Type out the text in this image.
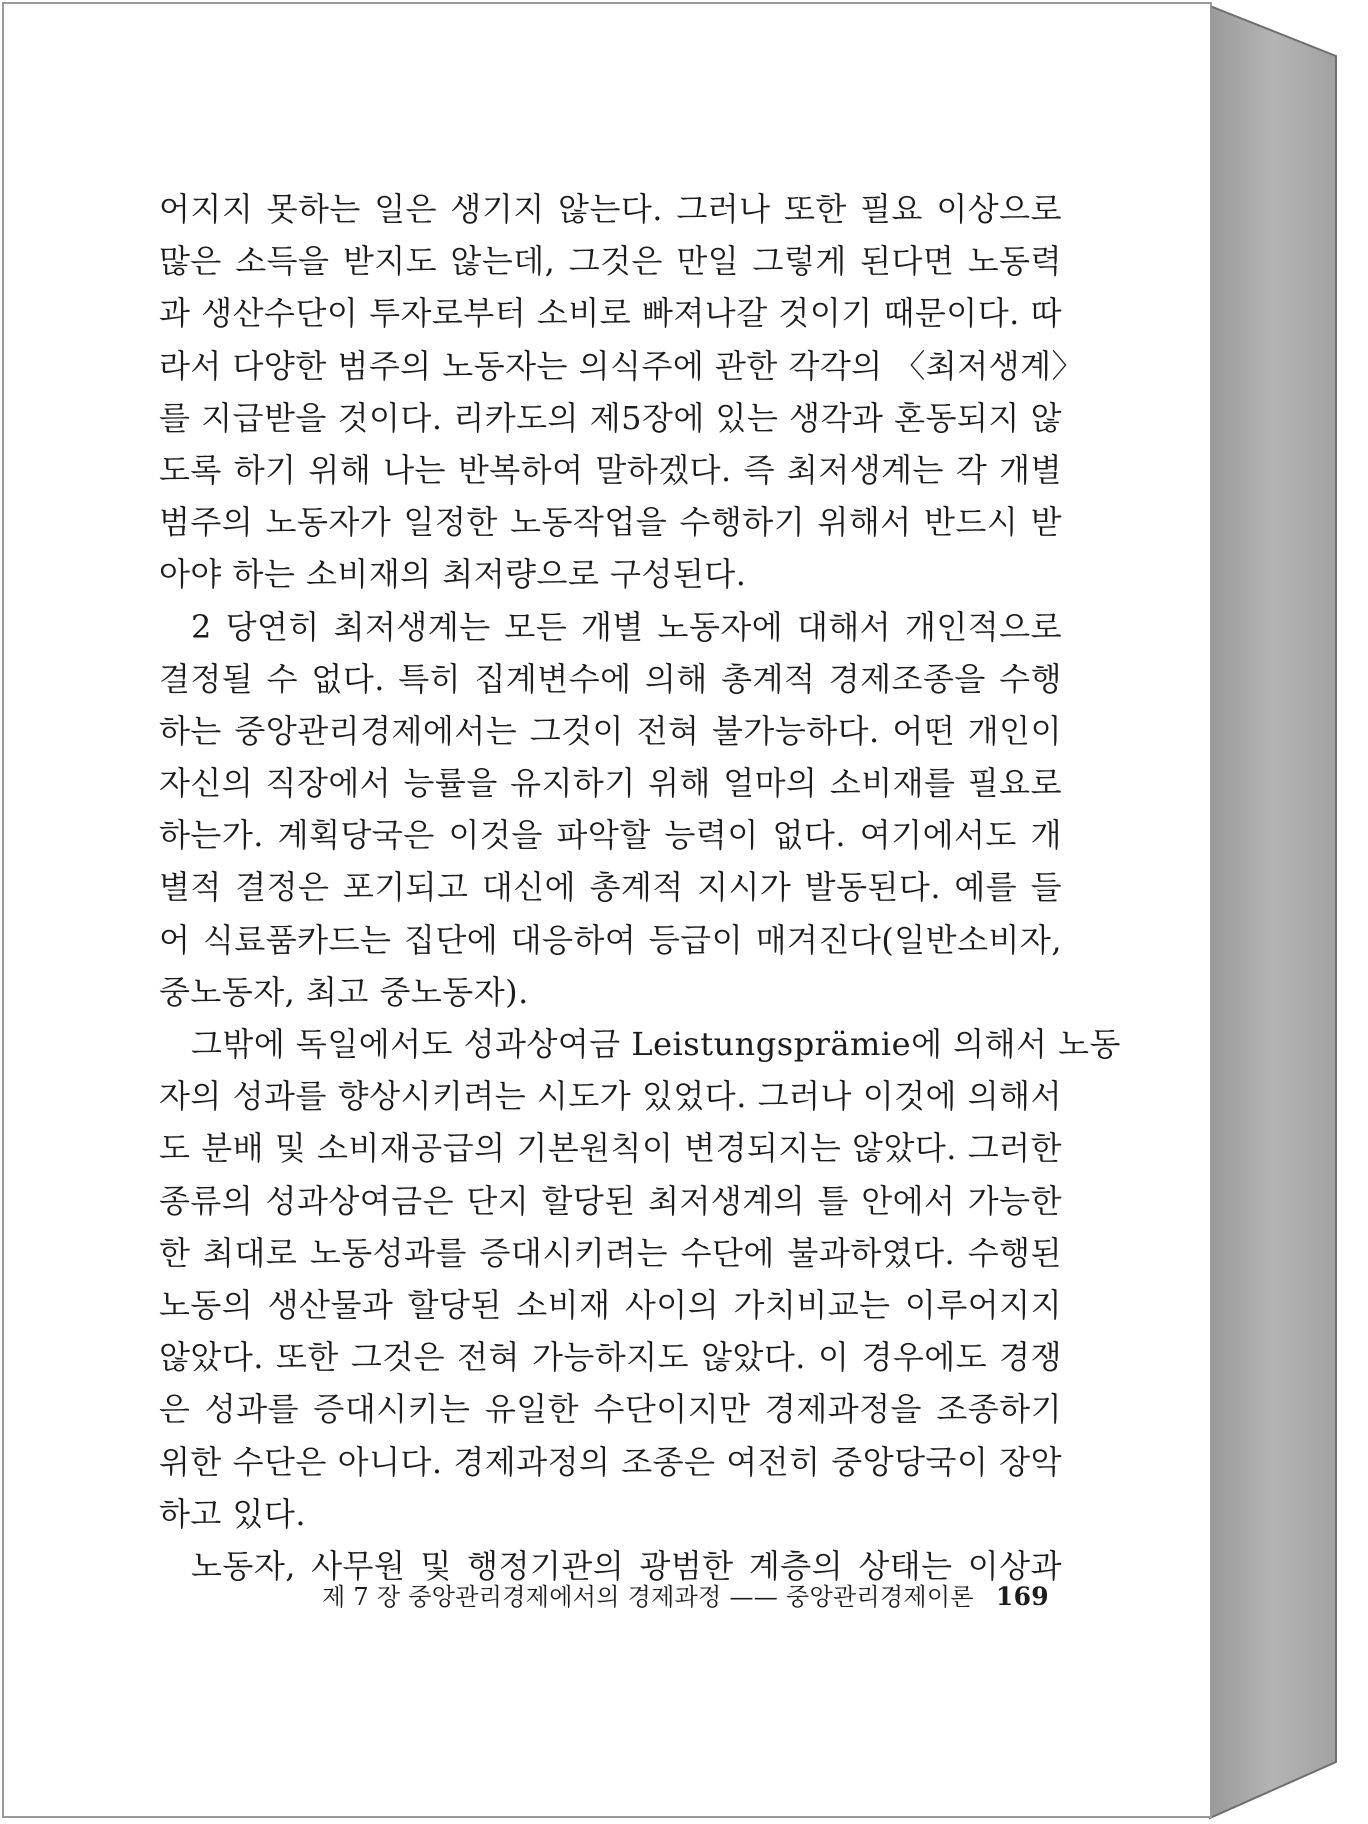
어지지 못하는 일은 생기지 않는다. 그러나 또한 필요 이상으로
많은 소득을 받지도 않는데, 그것은 만일 그렇게 된다면 노동력
과 생산수단이 투자로부터 소비로 빠져나갈 것이기 때문이다. 따
라서 다양한 범주의 노동자는 의식주에 관한 각각의 〈최저생계〉
를 지급받을 것이다. 리카도의 제5장에 있는 생각과 혼동되지 않
도록 하기 위해 나는 반복하여 말하겠다. 즉 최저생계는 각 개별
범주의 노동자가 일정한 노동작업을 수행하기 위해서 반드시 받
아야 하는 소비재의 최저량으로 구성된다.
2 당연히 최저생계는 모든 개별 노동자에 대해서 개인적으로
결정될 수 없다. 특히 집계변수에 의해 총계적 경제조종을 수행
하는 중앙관리경제에서는 그것이 전혀 불가능하다. 어떤 개인이
자신의 직장에서 능률을 유지하기 위해 얼마의 소비재를 필요로
하는가. 계획당국은 이것을 파악할 능력이 없다. 여기에서도 개
별적 결정은 포기되고 대신에 총계적 지시가 발동된다. 예를 들
어 식료품카드는 집단에 대응하여 등급이 매겨진다(일반소비자,
중노동자, 최고 중노동자).
그밖에 독일에서도 성과상여금 Leistungsprämie에 의해서 노동
자의 성과를 향상시키려는 시도가 있었다. 그러나 이것에 의해서
도 분배 및 소비재공급의 기본원칙이 변경되지는 않았다. 그러한
종류의 성과상여금은 단지 할당된 최저생계의 틀 안에서 가능한
한 최대로 노동성과를 증대시키려는 수단에 불과하였다. 수행된
노동의 생산물과 할당된 소비재 사이의 가치비교는 이루어지지
않았다. 또한 그것은 전혀 가능하지도 않았다. 이 경우에도 경쟁
은 성과를 증대시키는 유일한 수단이지만 경제과정을 조종하기
위한 수단은 아니다. 경제과정의 조종은 여전히 중앙당국이 장악
하고 있다.
노동자, 사무원 및 행정기관의 광범한 계층의 상태는 이상과
제 7 장 중앙관리경제에서의 경제과정 —— 중앙관리경제이론 169
